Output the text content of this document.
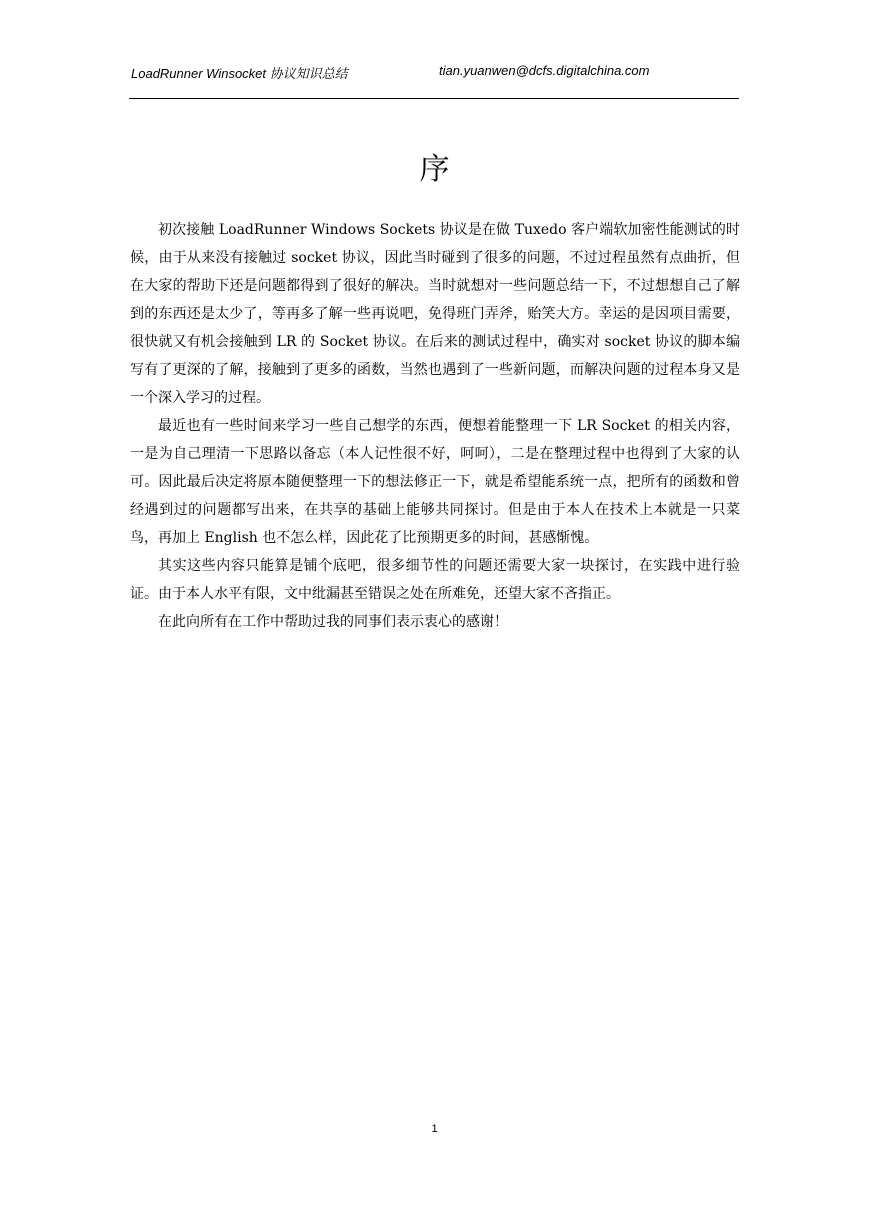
LoadRunner Winsocket 协议知识总结	tian.yuanwen@dcfs.digitalchina.com
序

初次接触 LoadRunner Windows Sockets 协议是在做 Tuxedo 客户端软加密性能测试的时候，由于从来没有接触过 socket 协议，因此当时碰到了很多的问题，不过过程虽然有点曲折，但在大家的帮助下还是问题都得到了很好的解决。当时就想对一些问题总结一下，不过想想自己了解到的东西还是太少了，等再多了解一些再说吧，免得班门弄斧，贻笑大方。幸运的是因项目需要，很快就又有机会接触到 LR 的 Socket 协议。在后来的测试过程中，确实对 socket 协议的脚本编写有了更深的了解，接触到了更多的函数，当然也遇到了一些新问题，而解决问题的过程本身又是一个深入学习的过程。

最近也有一些时间来学习一些自己想学的东西，便想着能整理一下 LR Socket 的相关内容，一是为自己理清一下思路以备忘（本人记性很不好，呵呵），二是在整理过程中也得到了大家的认可。因此最后决定将原本随便整理一下的想法修正一下，就是希望能系统一点，把所有的函数和曾经遇到过的问题都写出来，在共享的基础上能够共同探讨。但是由于本人在技术上本就是一只菜鸟，再加上 English 也不怎么样，因此花了比预期更多的时间，甚感惭愧。

其实这些内容只能算是铺个底吧，很多细节性的问题还需要大家一块探讨，在实践中进行验证。由于本人水平有限，文中纰漏甚至错误之处在所难免，还望大家不吝指正。

在此向所有在工作中帮助过我的同事们表示衷心的感谢！

1
